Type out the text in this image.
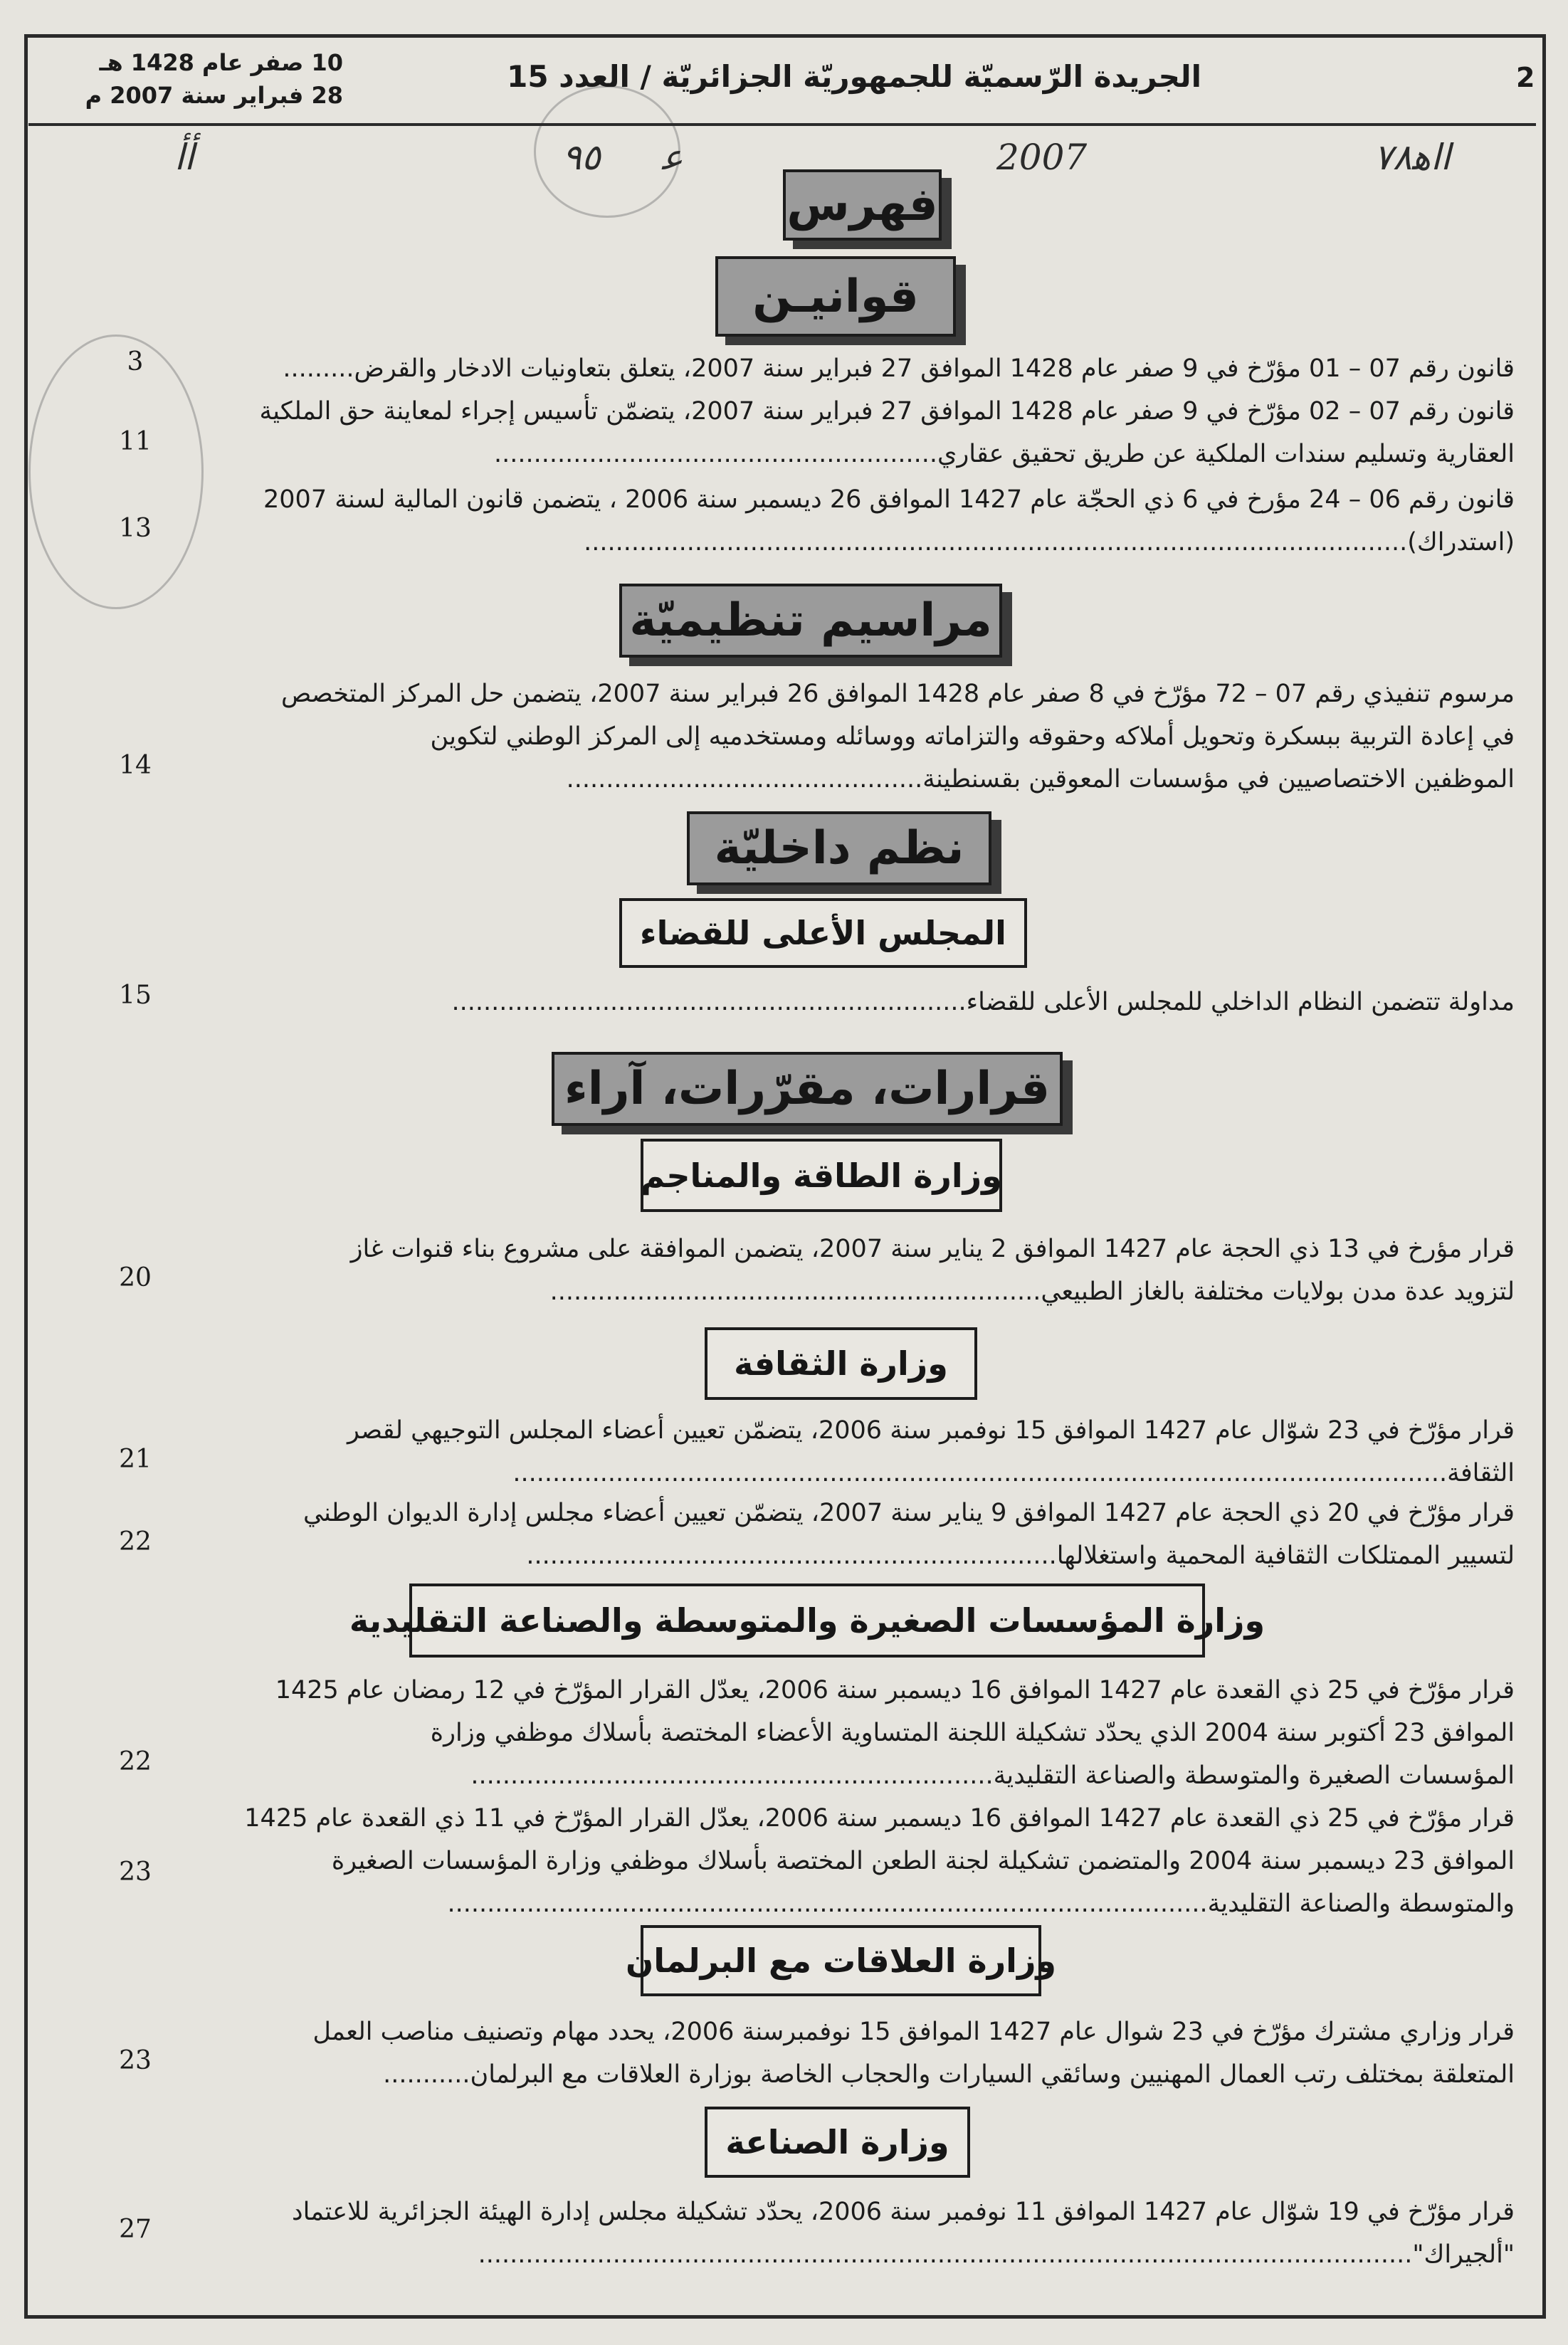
2
الجريدة الرّسميّة للجمهوريّة الجزائريّة / العدد 15
10 صفر عام 1428 هـ
28 فبراير سنة 2007 م
ﺍﺍﮬ٧٨
2007
ﻋ
٩٥
ﺃﺃ
فهرس
قوانيـن

قانون رقم 07 – 01 مؤرّخ في 9 صفر عام 1428 الموافق 27 فبراير سنة 2007، يتعلق بتعاونيات الادخار والقرض.........

3

قانون رقم 07 – 02 مؤرّخ في 9 صفر عام 1428 الموافق 27 فبراير سنة 2007، يتضمّن تأسيس إجراء لمعاينة حق الملكية

العقارية وتسليم سندات الملكية عن طريق تحقيق عقاري........................................................

11

قانون رقم 06 – 24 مؤرخ في 6 ذي الحجّة عام 1427 الموافق 26 ديسمبر سنة 2006 ، يتضمن قانون المالية لسنة 2007

(استدراك)........................................................................................................

13
مراسيم تنظيميّة

مرسوم تنفيذي رقم 07 – 72 مؤرّخ في 8 صفر عام 1428 الموافق 26 فبراير سنة 2007، يتضمن حل المركز المتخصص

في إعادة التربية ببسكرة وتحويل أملاكه وحقوقه والتزاماته ووسائله ومستخدميه إلى المركز الوطني لتكوين

الموظفين الاختصاصيين في مؤسسات المعوقين بقسنطينة.............................................

14
نظم داخليّة
المجلس الأعلى للقضاء

مداولة تتضمن النظام الداخلي للمجلس الأعلى للقضاء.................................................................

15
قرارات، مقرّرات، آراء
وزارة الطاقة والمناجم

قرار مؤرخ في 13 ذي الحجة عام 1427 الموافق 2 يناير سنة 2007، يتضمن الموافقة على مشروع بناء قنوات غاز

لتزويد عدة مدن بولايات مختلفة بالغاز الطبيعي..............................................................

20
وزارة الثقافة

قرار مؤرّخ في 23 شوّال عام 1427 الموافق 15 نوفمبر سنة 2006، يتضمّن تعيين أعضاء المجلس التوجيهي لقصر

الثقافة......................................................................................................................

21

قرار مؤرّخ في 20 ذي الحجة عام 1427 الموافق 9 يناير سنة 2007، يتضمّن تعيين أعضاء مجلس إدارة الديوان الوطني

لتسيير الممتلكات الثقافية المحمية واستغلالها...................................................................

22
وزارة المؤسسات الصغيرة والمتوسطة والصناعة التقليدية

قرار مؤرّخ في 25 ذي القعدة عام 1427 الموافق 16 ديسمبر سنة 2006، يعدّل القرار المؤرّخ في 12 رمضان عام 1425

الموافق 23 أكتوبر سنة 2004 الذي يحدّد تشكيلة اللجنة المتساوية الأعضاء المختصة بأسلاك موظفي وزارة

المؤسسات الصغيرة والمتوسطة والصناعة التقليدية..................................................................

22

قرار مؤرّخ في 25 ذي القعدة عام 1427 الموافق 16 ديسمبر سنة 2006، يعدّل القرار المؤرّخ في 11 ذي القعدة عام 1425

الموافق 23 ديسمبر سنة 2004 والمتضمن تشكيلة لجنة الطعن المختصة بأسلاك موظفي وزارة المؤسسات الصغيرة

والمتوسطة والصناعة التقليدية................................................................................................

23
وزارة العلاقات مع البرلمان

قرار وزاري مشترك مؤرّخ في 23 شوال عام 1427 الموافق 15 نوفمبرسنة 2006، يحدد مهام وتصنيف مناصب العمل

المتعلقة بمختلف رتب العمال المهنيين وسائقي السيارات والحجاب الخاصة بوزارة العلاقات مع البرلمان...........

23
وزارة الصناعة

قرار مؤرّخ في 19 شوّال عام 1427 الموافق 11 نوفمبر سنة 2006، يحدّد تشكيلة مجلس إدارة الهيئة الجزائرية للاعتماد

"ألجيراك"......................................................................................................................

27
